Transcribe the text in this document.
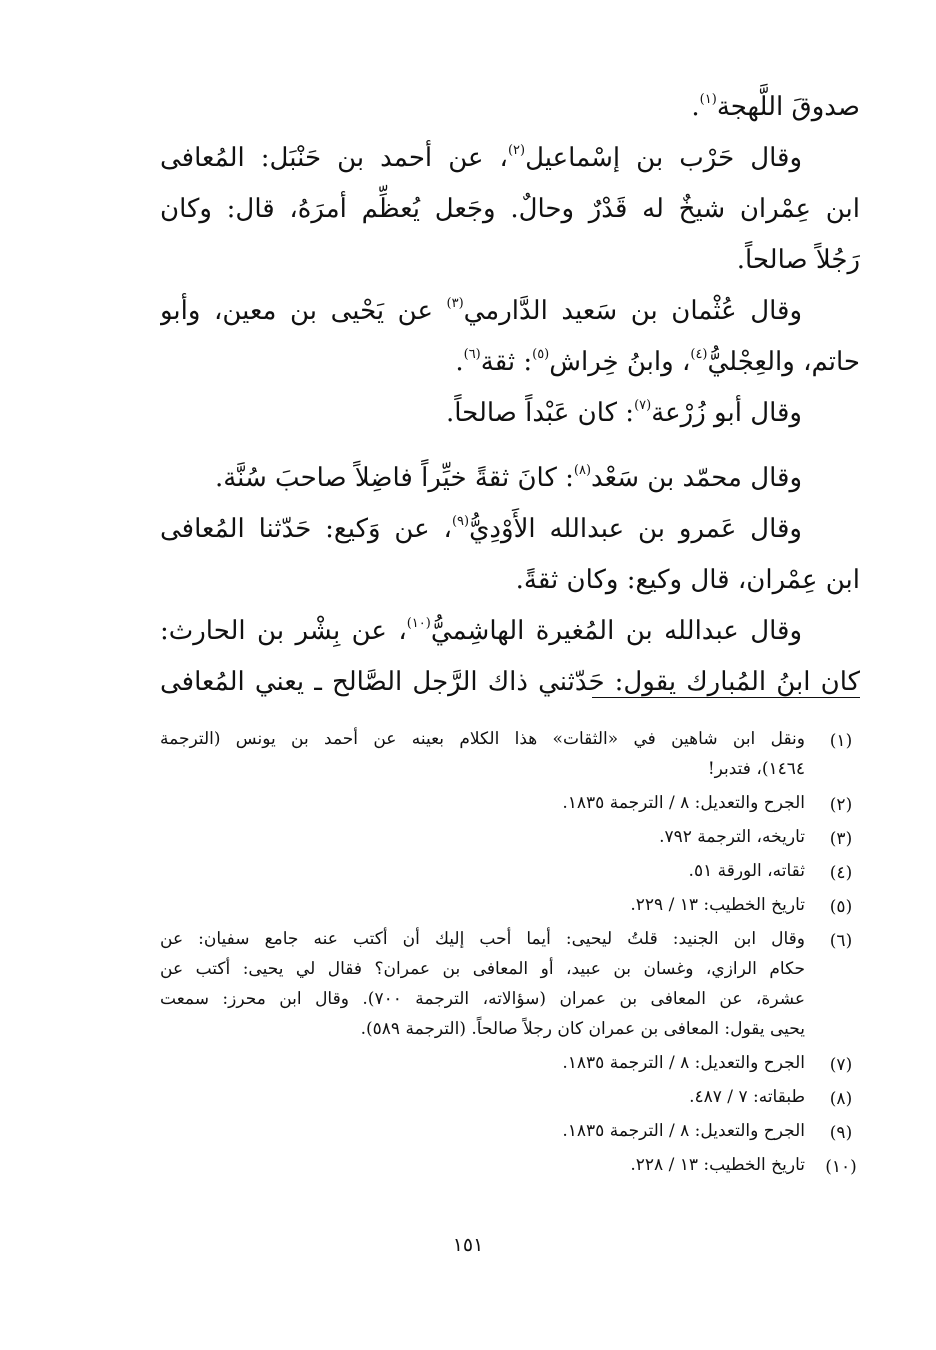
صدوقَ اللَّهجة$^{(١)}$.
وقال حَرْب بن إسْماعيل$^{(٢)}$، عن أحمد بن حَنْبَل: المُعافى
ابن عِمْران شيخٌ له قَدْرٌ وحالٌ. وجَعل يُعظِّم أمرَهُ، قال: وكان
رَجُلاً صالحاً.
وقال عُثْمان بن سَعيد الدَّارمي$^{(٣)}$ عن يَحْيى بن معين، وأبو
حاتم، والعِجْليُّ$^{(٤)}$، وابنُ خِراش$^{(٥)}$: ثقة$^{(٦)}$.
وقال أبو زُرْعة$^{(٧)}$: كان عَبْداً صالحاً.
وقال محمّد بن سَعْد$^{(٨)}$: كانَ ثقةً خيِّراً فاضِلاً صاحبَ سُنَّة.
وقال عَمرو بن عبدالله الأَوْدِيُّ$^{(٩)}$، عن وَكيع: حَدّثنا المُعافى
ابن عِمْران، قال وكيع: وكان ثقةً.
وقال عبدالله بن المُغيرة الهاشِميُّ$^{(١٠)}$، عن بِشْر بن الحارث:
كان ابنُ المُبارك يقول: حَدّثني ذاك الرَّجل الصَّالح ـ يعني المُعافى
(١)
ونقل ابن شاهين في «الثقات» هذا الكلام بعينه عن أحمد بن يونس (الترجمة
١٤٦٤)، فتدبر!
(٢)
الجرح والتعديل: ٨ / الترجمة ١٨٣٥.
(٣)
تاريخه، الترجمة ٧٩٢.
(٤)
ثقاته، الورقة ٥١.
(٥)
تاريخ الخطيب: ١٣ / ٢٢٩.
(٦)
وقال ابن الجنيد: قلتُ ليحيى: أيما أحب إليك أن أكتب عنه جامع سفيان: عن
حكام الرازي، وغسان بن عبيد، أو المعافى بن عمران؟ فقال لي يحيى: أكتب عن
عشرة، عن المعافى بن عمران (سؤالاته، الترجمة ٧٠٠). وقال ابن محرز: سمعت
يحيى يقول: المعافى بن عمران كان رجلاً صالحاً. (الترجمة ٥٨٩).
(٧)
الجرح والتعديل: ٨ / الترجمة ١٨٣٥.
(٨)
طبقاته: ٧ / ٤٨٧.
(٩)
الجرح والتعديل: ٨ / الترجمة ١٨٣٥.
(١٠)
تاريخ الخطيب: ١٣ / ٢٢٨.
١٥١
